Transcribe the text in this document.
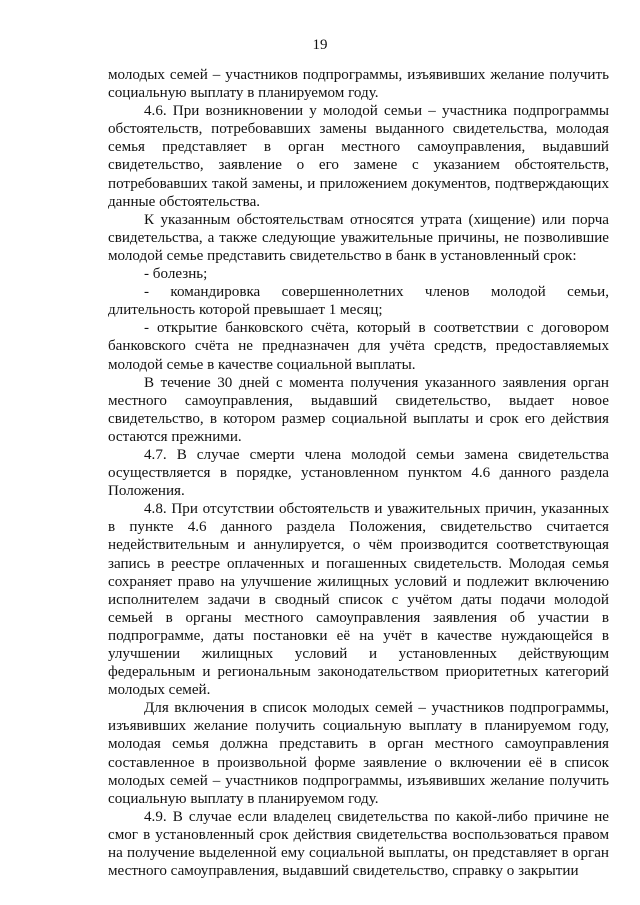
19

молодых семей – участников подпрограммы, изъявивших желание получить социальную выплату в планируемом году.

4.6. При возникновении у молодой семьи – участника подпрограммы обстоятельств, потребовавших замены выданного свидетельства, молодая семья представляет в орган местного самоуправления, выдавший свидетельство, заявление о его замене с указанием обстоятельств, потребовавших такой замены, и приложением документов, подтверждающих данные обстоятельства.

К указанным обстоятельствам относятся утрата (хищение) или порча свидетельства, а также следующие уважительные причины, не позволившие молодой семье представить свидетельство в банк в установленный срок:

- болезнь;

- командировка совершеннолетних членов молодой семьи, длительность которой превышает 1 месяц;

- открытие банковского счёта, который в соответствии с договором банковского счёта не предназначен для учёта средств, предоставляемых молодой семье в качестве социальной выплаты.

В течение 30 дней с момента получения указанного заявления орган местного самоуправления, выдавший свидетельство, выдает новое свидетельство, в котором размер социальной выплаты и срок его действия остаются прежними.

4.7. В случае смерти члена молодой семьи замена свидетельства осуществляется в порядке, установленном пунктом 4.6 данного раздела Положения.

4.8. При отсутствии обстоятельств и уважительных причин, указанных в пункте 4.6 данного раздела Положения, свидетельство считается недействительным и аннулируется, о чём производится соответствующая запись в реестре оплаченных и погашенных свидетельств. Молодая семья сохраняет право на улучшение жилищных условий и подлежит включению исполнителем задачи в сводный список с учётом даты подачи молодой семьей в органы местного самоуправления заявления об участии в подпрограмме, даты постановки её на учёт в качестве нуждающейся в улучшении жилищных условий и установленных действующим федеральным и региональным законодательством приоритетных категорий молодых семей.

Для включения в список молодых семей – участников подпрограммы, изъявивших желание получить социальную выплату в планируемом году, молодая семья должна представить в орган местного самоуправления составленное в произвольной форме заявление о включении её в список молодых семей – участников подпрограммы, изъявивших желание получить социальную выплату в планируемом году.

4.9. В случае если владелец свидетельства по какой-либо причине не смог в установленный срок действия свидетельства воспользоваться правом на получение выделенной ему социальной выплаты, он представляет в орган местного самоуправления, выдавший свидетельство, справку о закрытии
